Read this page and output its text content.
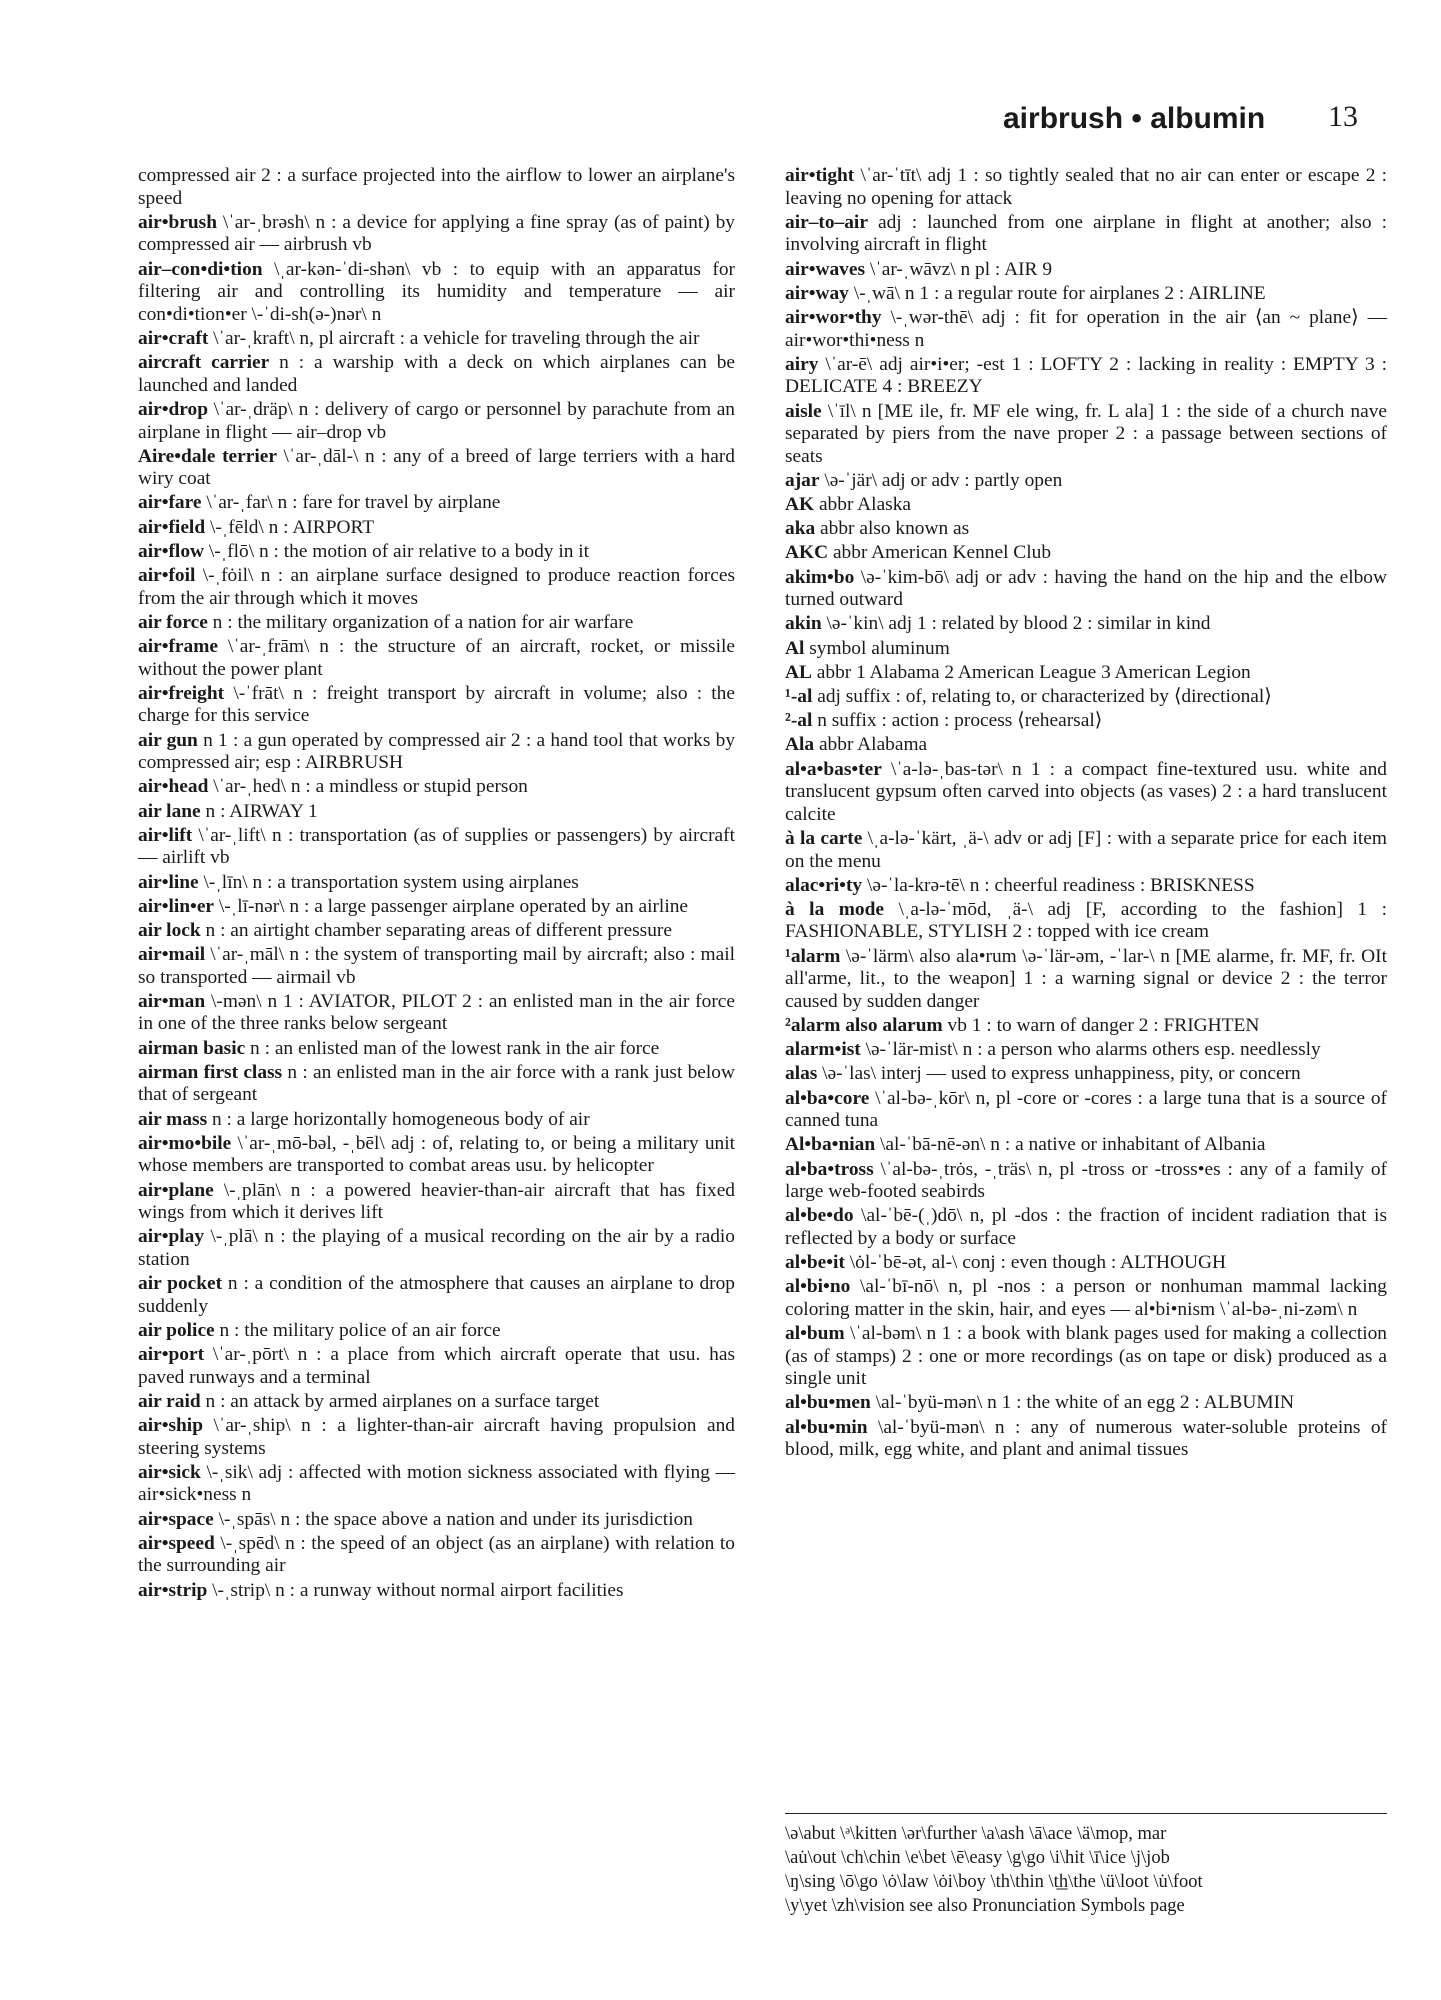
airbrush • albumin 13
compressed air 2 : a surface projected into the airflow to lower an airplane's speed
air•brush \ˈar-ˌbrəsh\ n : a device for applying a fine spray (as of paint) by compressed air — airbrush vb
air–con•di•tion \ˌar-kən-ˈdi-shən\ vb : to equip with an apparatus for filtering air and controlling its humidity and temperature — air con•di•tion•er \-ˈdi-sh(ə-)nər\ n
air•craft \ˈar-ˌkraft\ n, pl aircraft : a vehicle for traveling through the air
aircraft carrier n : a warship with a deck on which airplanes can be launched and landed
air•drop \ˈar-ˌdräp\ n : delivery of cargo or personnel by parachute from an airplane in flight — air–drop vb
Aire•dale terrier \ˈar-ˌdāl-\ n : any of a breed of large terriers with a hard wiry coat
air•fare \ˈar-ˌfar\ n : fare for travel by airplane
air•field \-ˌfēld\ n : AIRPORT
air•flow \-ˌflō\ n : the motion of air relative to a body in it
air•foil \-ˌfȯil\ n : an airplane surface designed to produce reaction forces from the air through which it moves
air force n : the military organization of a nation for air warfare
air•frame \ˈar-ˌfrām\ n : the structure of an aircraft, rocket, or missile without the power plant
air•freight \-ˈfrāt\ n : freight transport by aircraft in volume; also : the charge for this service
air gun n 1 : a gun operated by compressed air 2 : a hand tool that works by compressed air; esp : AIRBRUSH
air•head \ˈar-ˌhed\ n : a mindless or stupid person
air lane n : AIRWAY 1
air•lift \ˈar-ˌlift\ n : transportation (as of supplies or passengers) by aircraft — airlift vb
air•line \-ˌlīn\ n : a transportation system using airplanes
air•lin•er \-ˌlī-nər\ n : a large passenger airplane operated by an airline
air lock n : an airtight chamber separating areas of different pressure
air•mail \ˈar-ˌmāl\ n : the system of transporting mail by aircraft; also : mail so transported — airmail vb
air•man \-mən\ n 1 : AVIATOR, PILOT 2 : an enlisted man in the air force in one of the three ranks below sergeant
airman basic n : an enlisted man of the lowest rank in the air force
airman first class n : an enlisted man in the air force with a rank just below that of sergeant
air mass n : a large horizontally homogeneous body of air
air•mo•bile \ˈar-ˌmō-bəl, -ˌbēl\ adj : of, relating to, or being a military unit whose members are transported to combat areas usu. by helicopter
air•plane \-ˌplān\ n : a powered heavier-than-air aircraft that has fixed wings from which it derives lift
air•play \-ˌplā\ n : the playing of a musical recording on the air by a radio station
air pocket n : a condition of the atmosphere that causes an airplane to drop suddenly
air police n : the military police of an air force
air•port \ˈar-ˌpōrt\ n : a place from which aircraft operate that usu. has paved runways and a terminal
air raid n : an attack by armed airplanes on a surface target
air•ship \ˈar-ˌship\ n : a lighter-than-air aircraft having propulsion and steering systems
air•sick \-ˌsik\ adj : affected with motion sickness associated with flying — air•sick•ness n
air•space \-ˌspās\ n : the space above a nation and under its jurisdiction
air•speed \-ˌspēd\ n : the speed of an object (as an airplane) with relation to the surrounding air
air•strip \-ˌstrip\ n : a runway without normal airport facilities
air•tight \ˈar-ˈtīt\ adj 1 : so tightly sealed that no air can enter or escape 2 : leaving no opening for attack
air–to–air adj : launched from one airplane in flight at another; also : involving aircraft in flight
air•waves \ˈar-ˌwāvz\ n pl : AIR 9
air•way \-ˌwā\ n 1 : a regular route for airplanes 2 : AIRLINE
air•wor•thy \-ˌwər-thē\ adj : fit for operation in the air ⟨an ~ plane⟩ — air•wor•thi•ness n
airy \ˈar-ē\ adj air•i•er; -est 1 : LOFTY 2 : lacking in reality : EMPTY 3 : DELICATE 4 : BREEZY
aisle \ˈīl\ n [ME ile, fr. MF ele wing, fr. L ala] 1 : the side of a church nave separated by piers from the nave proper 2 : a passage between sections of seats
ajar \ə-ˈjär\ adj or adv : partly open
AK abbr Alaska
aka abbr also known as
AKC abbr American Kennel Club
akim•bo \ə-ˈkim-bō\ adj or adv : having the hand on the hip and the elbow turned outward
akin \ə-ˈkin\ adj 1 : related by blood 2 : similar in kind
Al symbol aluminum
AL abbr 1 Alabama 2 American League 3 American Legion
¹-al adj suffix : of, relating to, or characterized by ⟨directional⟩
²-al n suffix : action : process ⟨rehearsal⟩
Ala abbr Alabama
al•a•bas•ter \ˈa-lə-ˌbas-tər\ n 1 : a compact fine-textured usu. white and translucent gypsum often carved into objects (as vases) 2 : a hard translucent calcite
à la carte \ˌa-lə-ˈkärt, ˌä-\ adv or adj [F] : with a separate price for each item on the menu
alac•ri•ty \ə-ˈla-krə-tē\ n : cheerful readiness : BRISKNESS
à la mode \ˌa-lə-ˈmōd, ˌä-\ adj [F, according to the fashion] 1 : FASHIONABLE, STYLISH 2 : topped with ice cream
¹alarm \ə-ˈlärm\ also ala•rum \ə-ˈlär-əm, -ˈlar-\ n [ME alarme, fr. MF, fr. OIt all'arme, lit., to the weapon] 1 : a warning signal or device 2 : the terror caused by sudden danger
²alarm also alarum vb 1 : to warn of danger 2 : FRIGHTEN
alarm•ist \ə-ˈlär-mist\ n : a person who alarms others esp. needlessly
alas \ə-ˈlas\ interj — used to express unhappiness, pity, or concern
al•ba•core \ˈal-bə-ˌkōr\ n, pl -core or -cores : a large tuna that is a source of canned tuna
Al•ba•nian \al-ˈbā-nē-ən\ n : a native or inhabitant of Albania
al•ba•tross \ˈal-bə-ˌtrȯs, -ˌträs\ n, pl -tross or -tross•es : any of a family of large web-footed seabirds
al•be•do \al-ˈbē-(ˌ)dō\ n, pl -dos : the fraction of incident radiation that is reflected by a body or surface
al•be•it \ȯl-ˈbē-ət, al-\ conj : even though : ALTHOUGH
al•bi•no \al-ˈbī-nō\ n, pl -nos : a person or nonhuman mammal lacking coloring matter in the skin, hair, and eyes — al•bi•nism \ˈal-bə-ˌni-zəm\ n
al•bum \ˈal-bəm\ n 1 : a book with blank pages used for making a collection (as of stamps) 2 : one or more recordings (as on tape or disk) produced as a single unit
al•bu•men \al-ˈbyü-mən\ n 1 : the white of an egg 2 : ALBUMIN
al•bu•min \al-ˈbyü-mən\ n : any of numerous water-soluble proteins of blood, milk, egg white, and plant and animal tissues
\ə\abut \ᵊ\kitten \ər\further \a\ash \ā\ace \ä\mop, mar
\au̇\out \ch\chin \e\bet \ē\easy \g\go \i\hit \ī\ice \j\job
\ŋ\sing \ō\go \ȯ\law \ȯi\boy \th\thin \t͟h\the \ü\loot \u̇\foot
\y\yet \zh\vision see also Pronunciation Symbols page
